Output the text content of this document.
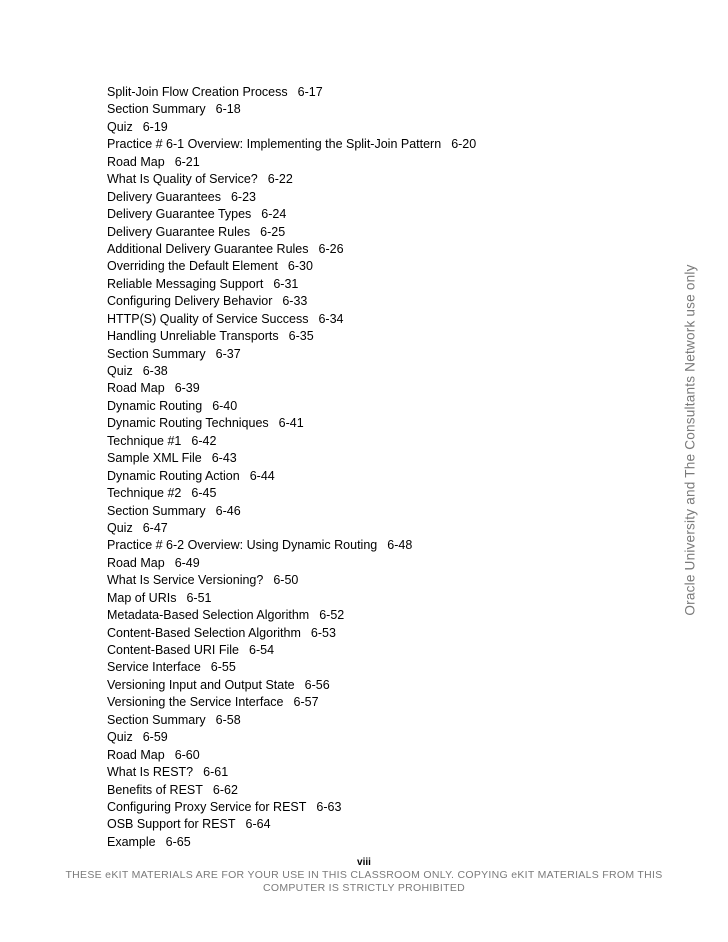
Split-Join Flow Creation Process 6-17
Section Summary 6-18
Quiz 6-19
Practice # 6-1 Overview: Implementing the Split-Join Pattern 6-20
Road Map 6-21
What Is Quality of Service? 6-22
Delivery Guarantees 6-23
Delivery Guarantee Types 6-24
Delivery Guarantee Rules 6-25
Additional Delivery Guarantee Rules 6-26
Overriding the Default Element 6-30
Reliable Messaging Support 6-31
Configuring Delivery Behavior 6-33
HTTP(S) Quality of Service Success 6-34
Handling Unreliable Transports 6-35
Section Summary 6-37
Quiz 6-38
Road Map 6-39
Dynamic Routing 6-40
Dynamic Routing Techniques 6-41
Technique #1 6-42
Sample XML File 6-43
Dynamic Routing Action 6-44
Technique #2 6-45
Section Summary 6-46
Quiz 6-47
Practice # 6-2 Overview: Using Dynamic Routing 6-48
Road Map 6-49
What Is Service Versioning? 6-50
Map of URIs 6-51
Metadata-Based Selection Algorithm 6-52
Content-Based Selection Algorithm 6-53
Content-Based URI File 6-54
Service Interface 6-55
Versioning Input and Output State 6-56
Versioning the Service Interface 6-57
Section Summary 6-58
Quiz 6-59
Road Map 6-60
What Is REST? 6-61
Benefits of REST 6-62
Configuring Proxy Service for REST 6-63
OSB Support for REST 6-64
Example 6-65
Oracle University and The Consultants Network use only
viii
THESE eKIT MATERIALS ARE FOR YOUR USE IN THIS CLASSROOM ONLY. COPYING eKIT MATERIALS FROM THIS
COMPUTER IS STRICTLY PROHIBITED
